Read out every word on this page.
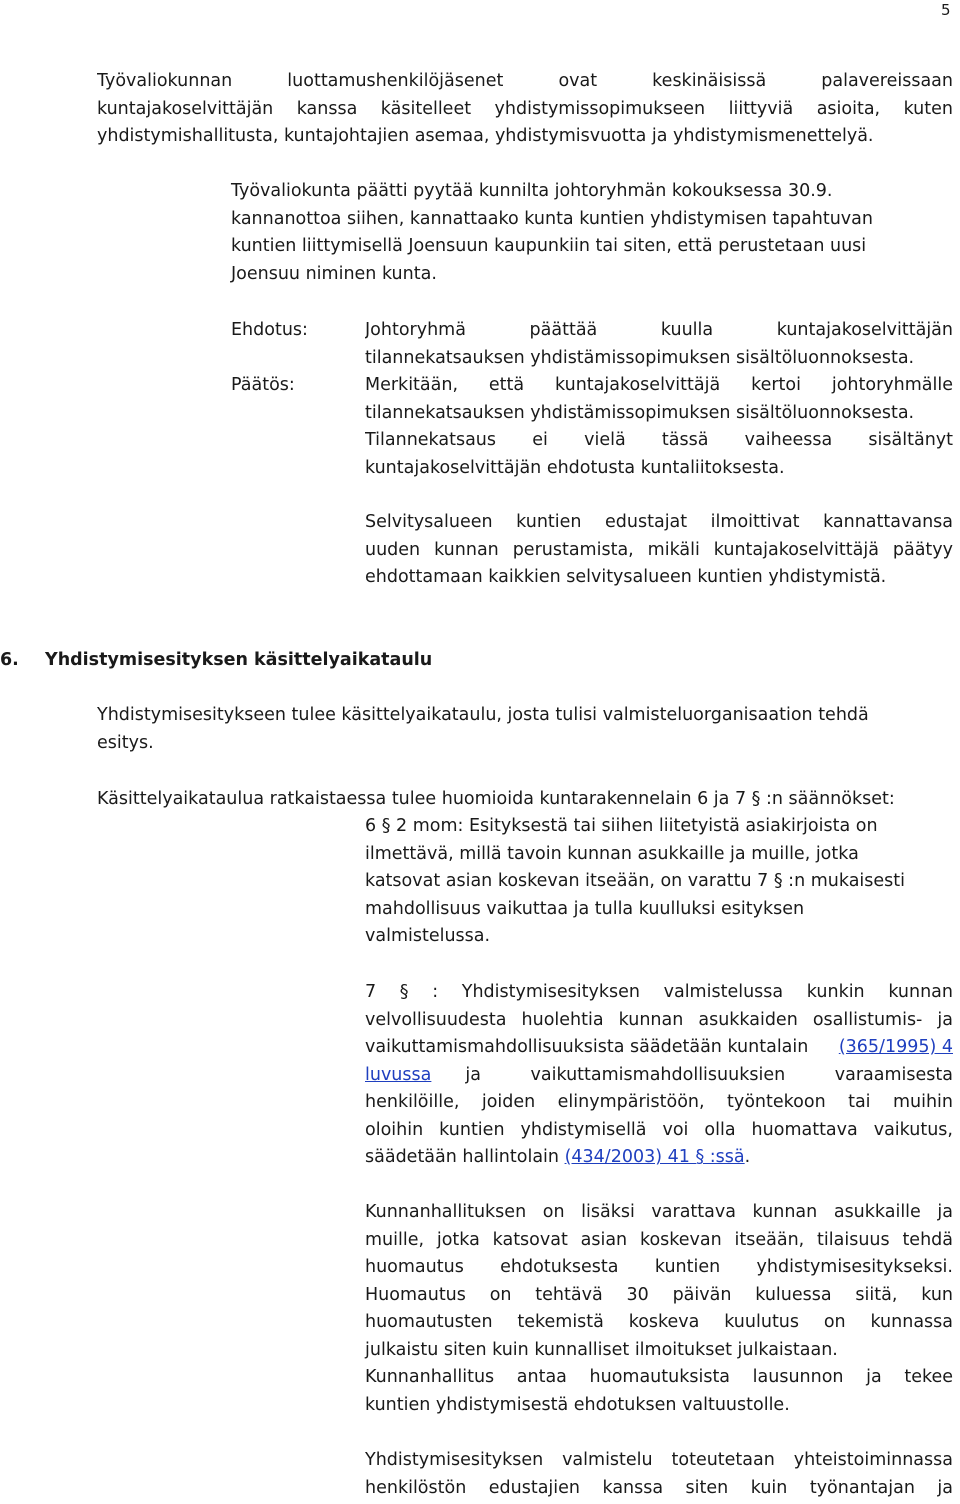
5
Työvaliokunnan luottamushenkilöjäsenet ovat keskinäisissä palavereissaan
kuntajakoselvittäjän kanssa käsitelleet yhdistymissopimukseen liittyviä asioita, kuten
yhdistymishallitusta, kuntajohtajien asemaa, yhdistymisvuotta ja yhdistymismenettelyä.
Työvaliokunta päätti pyytää kunnilta johtoryhmän kokouksessa 30.9.
kannanottoa siihen, kannattaako kunta kuntien yhdistymisen tapahtuvan
kuntien liittymisellä Joensuun kaupunkiin tai siten, että perustetaan uusi
Joensuu niminen kunta.
Ehdotus:	Johtoryhmä päättää kuulla kuntajakoselvittäjän
tilannekatsauksen yhdistämissopimuksen sisältöluonnoksesta.
Päätös:	Merkitään, että kuntajakoselvittäjä kertoi johtoryhmälle
tilannekatsauksen yhdistämissopimuksen sisältöluonnoksesta.
Tilannekatsaus ei vielä tässä vaiheessa sisältänyt
kuntajakoselvittäjän ehdotusta kuntaliitoksesta.
Selvitysalueen kuntien edustajat ilmoittivat kannattavansa
uuden kunnan perustamista, mikäli kuntajakoselvittäjä päätyy
ehdottamaan kaikkien selvitysalueen kuntien yhdistymistä.
6. Yhdistymisesityksen käsittelyaikataulu
Yhdistymisesitykseen tulee käsittelyaikataulu, josta tulisi valmisteluorganisaation tehdä
esitys.
Käsittelyaikataulua ratkaistaessa tulee huomioida kuntarakennelain 6 ja 7 § :n säännökset:
6 § 2 mom: Esityksestä tai siihen liitetyistä asiakirjoista on
ilmettävä, millä tavoin kunnan asukkaille ja muille, jotka
katsovat asian koskevan itseään, on varattu 7 § :n mukaisesti
mahdollisuus vaikuttaa ja tulla kuulluksi esityksen
valmistelussa.
7 § : Yhdistymisesityksen valmistelussa kunkin kunnan
velvollisuudesta huolehtia kunnan asukkaiden osallistumis- ja
vaikuttamismahdollisuuksista säädetään kuntalain (365/1995) 4
luvussa ja vaikuttamismahdollisuuksien varaamisesta
henkilöille, joiden elinympäristöön, työntekoon tai muihin
oloihin kuntien yhdistymisellä voi olla huomattava vaikutus,
säädetään hallintolain (434/2003) 41 § :ssä.
Kunnanhallituksen on lisäksi varattava kunnan asukkaille ja
muille, jotka katsovat asian koskevan itseään, tilaisuus tehdä
huomautus ehdotuksesta kuntien yhdistymisesitykseksi.
Huomautus on tehtävä 30 päivän kuluessa siitä, kun
huomautusten tekemistä koskeva kuulutus on kunnassa
julkaistu siten kuin kunnalliset ilmoitukset julkaistaan.
Kunnanhallitus antaa huomautuksista lausunnon ja tekee
kuntien yhdistymisestä ehdotuksen valtuustolle.
Yhdistymisesityksen valmistelu toteutetaan yhteistoiminnassa
henkilöstön edustajien kanssa siten kuin työnantajan ja
